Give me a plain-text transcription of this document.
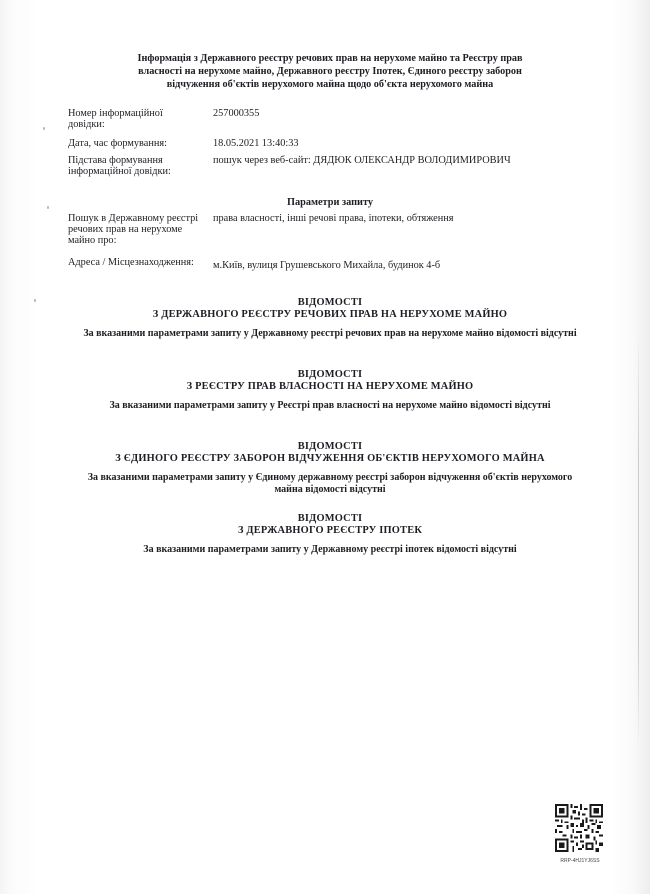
Інформація з Державного реєстру речових прав на нерухоме майно та Реєстру прав
власності на нерухоме майно, Державного реєстру Іпотек, Єдиного реєстру заборон
відчуження об'єктів нерухомого майна щодо об'єкта нерухомого майна
Номер інформаційної довідки:
257000355
Дата, час формування:	18.05.2021 13:40:33
Підстава формування інформаційної довідки:
пошук через веб-сайт: ДЯДЮК ОЛЕКСАНДР ВОЛОДИМИРОВИЧ
Параметри запиту
Пошук в Державному реєстрі речових прав на нерухоме майно про:
права власності, інші речові права, іпотеки, обтяження
Адреса / Місцезнаходження:	м.Київ, вулиця Грушевського Михайла, будинок 4-б
ВІДОМОСТІ
З ДЕРЖАВНОГО РЕЄСТРУ РЕЧОВИХ ПРАВ НА НЕРУХОМЕ МАЙНО
За вказаними параметрами запиту у Державному реєстрі речових прав на нерухоме майно відомості відсутні
ВІДОМОСТІ
З РЕЄСТРУ ПРАВ ВЛАСНОСТІ НА НЕРУХОМЕ МАЙНО
За вказаними параметрами запиту у Реєстрі прав власності на нерухоме майно відомості відсутні
ВІДОМОСТІ
З ЄДИНОГО РЕЄСТРУ ЗАБОРОН ВІДЧУЖЕННЯ ОБ'ЄКТІВ НЕРУХОМОГО МАЙНА
За вказаними параметрами запиту у Єдиному державному реєстрі заборон відчуження об'єктів нерухомого майна відомості відсутні
ВІДОМОСТІ
З ДЕРЖАВНОГО РЕЄСТРУ ІПОТЕК
За вказаними параметрами запиту у Державному реєстрі іпотек відомості відсутні
RRP-4HJ1YJ6SS
